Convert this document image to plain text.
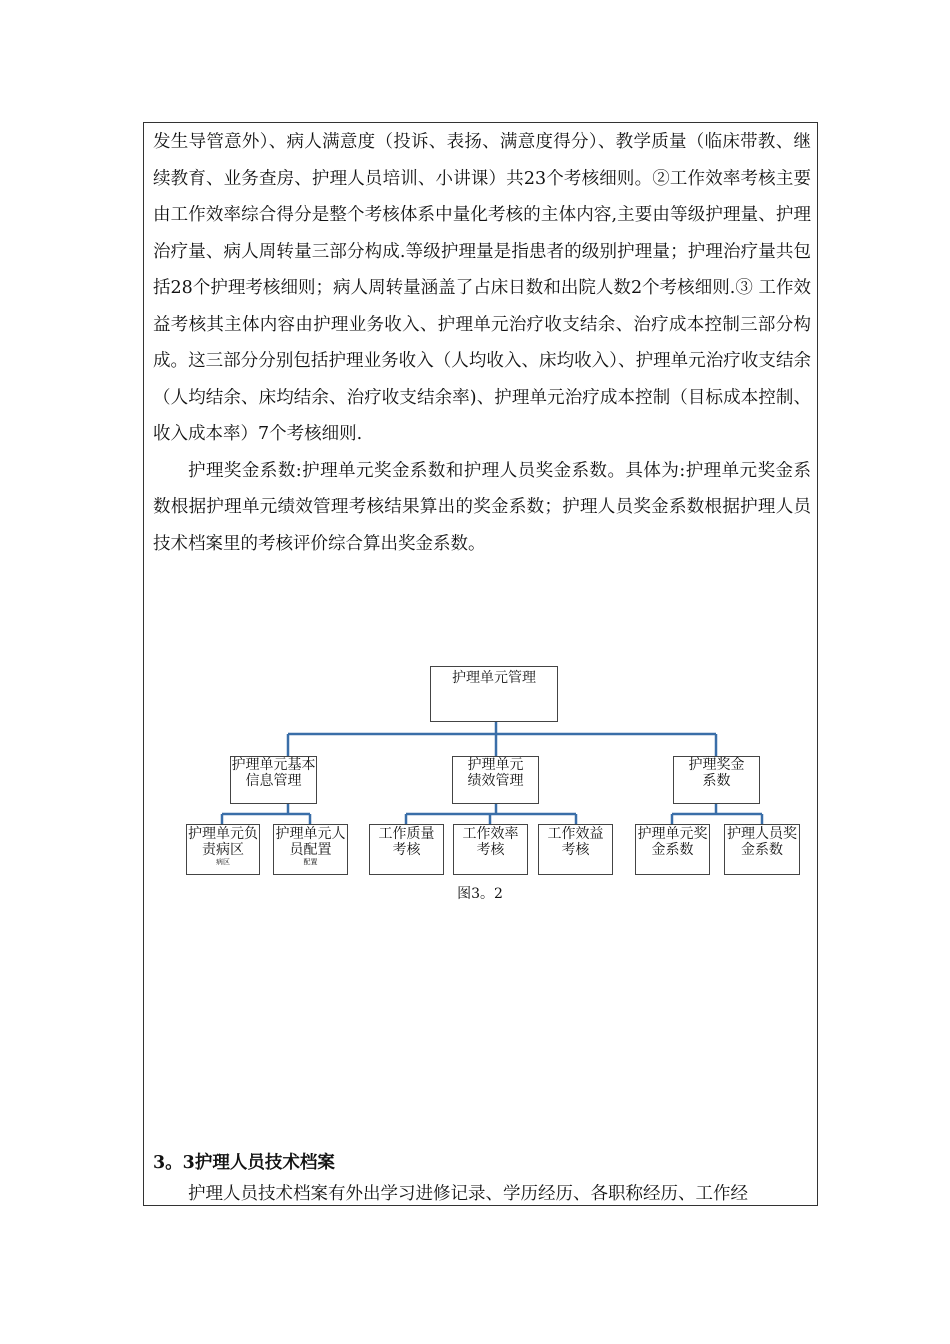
发生导管意外）、病人满意度（投诉、表扬、满意度得分）、教学质量（临床带教、继续教育、业务查房、护理人员培训、小讲课）共23个考核细则。②工作效率考核主要由工作效率综合得分是整个考核体系中量化考核的主体内容,主要由等级护理量、护理治疗量、病人周转量三部分构成.等级护理量是指患者的级别护理量；护理治疗量共包括28个护理考核细则；病人周转量涵盖了占床日数和出院人数2个考核细则.③ 工作效益考核其主体内容由护理业务收入、护理单元治疗收支结余、治疗成本控制三部分构成。这三部分分别包括护理业务收入（人均收入、床均收入）、护理单元治疗收支结余（人均结余、床均结余、治疗收支结余率)、护理单元治疗成本控制（目标成本控制、收入成本率）7个考核细则.

护理奖金系数:护理单元奖金系数和护理人员奖金系数。具体为:护理单元奖金系数根据护理单元绩效管理考核结果算出的奖金系数；护理人员奖金系数根据护理人员技术档案里的考核评价综合算出奖金系数。

护理单元管理
护理单元基本信息管理
护理单元绩效管理
护理奖金系数
护理单元负责病区
病区
护理单元人员配置
配置
工作质量考核
工作效率考核
工作效益考核
护理单元奖金系数
护理人员奖金系数
图3。2
3。3护理人员技术档案
护理人员技术档案有外出学习进修记录、学历经历、各职称经历、工作经
